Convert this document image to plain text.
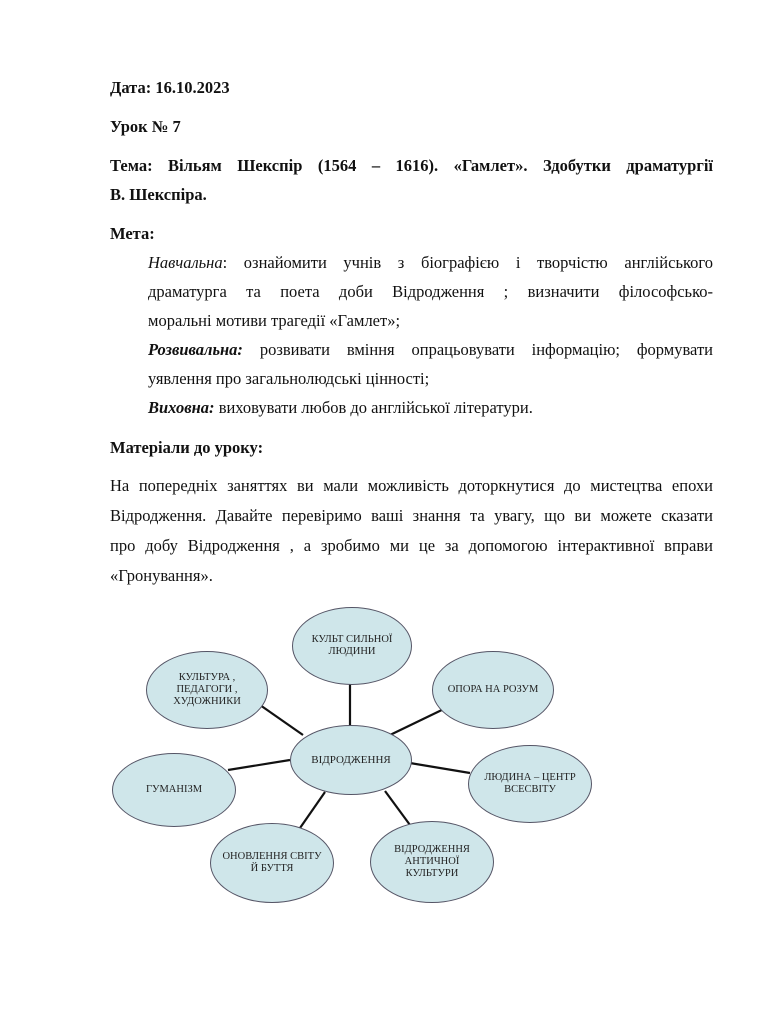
Дата: 16.10.2023
Урок № 7
Тема: Вільям Шекспір (1564 – 1616). «Гамлет». Здобутки драматургії
В. Шекспіра.
Мета:
Навчальна: ознайомити учнів з біографією і творчістю англійського
драматурга та поета доби Відродження ; визначити філософсько-
моральні мотиви трагедії «Гамлет»;
Розвивальна: розвивати вміння опрацьовувати інформацію; формувати
уявлення про загальнолюдські цінності;
Виховна: виховувати любов до англійської літератури.
Матеріали до уроку:
На попередніх заняттях ви мали можливість доторкнутися до мистецтва епохи
Відродження. Давайте перевіримо ваші знання та увагу, що ви можете сказати
про добу Відродження , а зробимо ми це за допомогою інтерактивної вправи
«Гронування».
ВІДРОДЖЕННЯ
КУЛЬТ СИЛЬНОЇ ЛЮДИНИ
ОПОРА НА РОЗУМ
ЛЮДИНА – ЦЕНТР ВСЕСВІТУ
ВІДРОДЖЕННЯ АНТИЧНОЇ КУЛЬТУРИ
ОНОВЛЕННЯ СВІТУ Й БУТТЯ
ГУМАНІЗМ
КУЛЬТУРА , ПЕДАГОГИ , ХУДОЖНИКИ
